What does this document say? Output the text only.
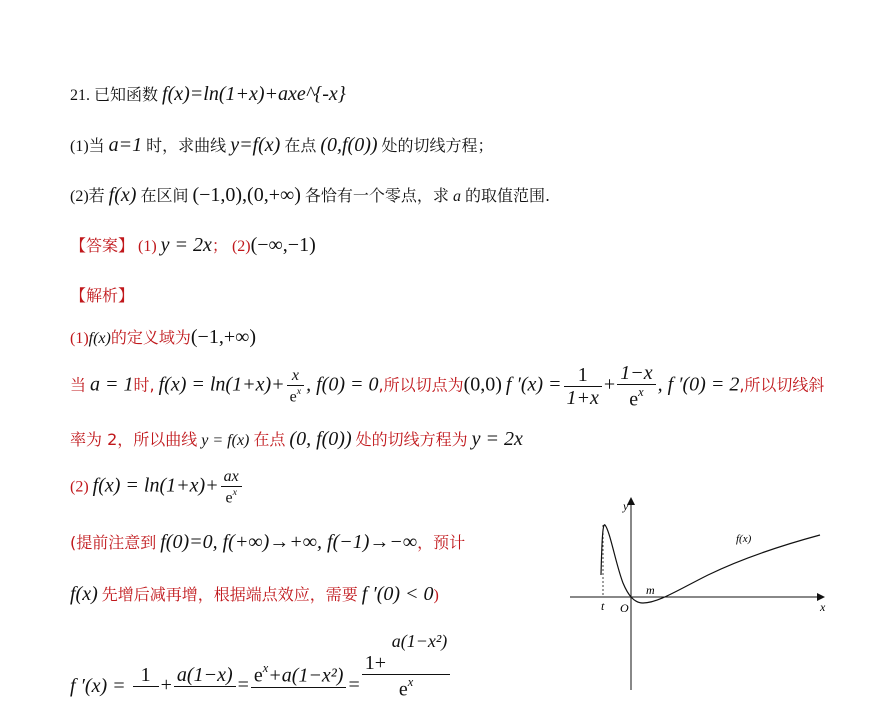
21. 已知函数 f(x)=ln(1+x)+axe^{-x}
(1)当 a=1 时，求曲线 y=f(x) 在点 (0,f(0)) 处的切线方程；
(2)若 f(x) 在区间 (−1,0),(0,+∞) 各恰有一个零点，求 a 的取值范围.
【答案】 (1) y = 2x； (2)(−∞,−1)
【解析】
(1)f(x)的定义域为(−1,+∞)
当 a = 1时, $f(x) = \ln(1+x)+ \frac{x}{e^x}$ , f(0) = 0,所以切点为(0,0) f $'(x) = \frac{1}{1+x} + \frac{1-x}{e^x}$ , f ′(0) = 2,所以切线斜
率为 2，所以曲线 y = f(x) 在点 (0, f(0)) 处的切线方程为 y = 2x
(2) $f(x) = \ln(1+x)+ \frac{ax}{e^x}$
(提前注意到 f(0)=0, f(+∞)→+∞, f(−1)→−∞，预计
f(x) 先增后减再增，根据端点效应，需要 f ′(0) < 0)
f ′(x) =
1
+ a(1−x)
= $e^x+a(1-x^2)$
=
a(1−x²)
1+
$e^x$
y
x
O
t
m
f(x)
